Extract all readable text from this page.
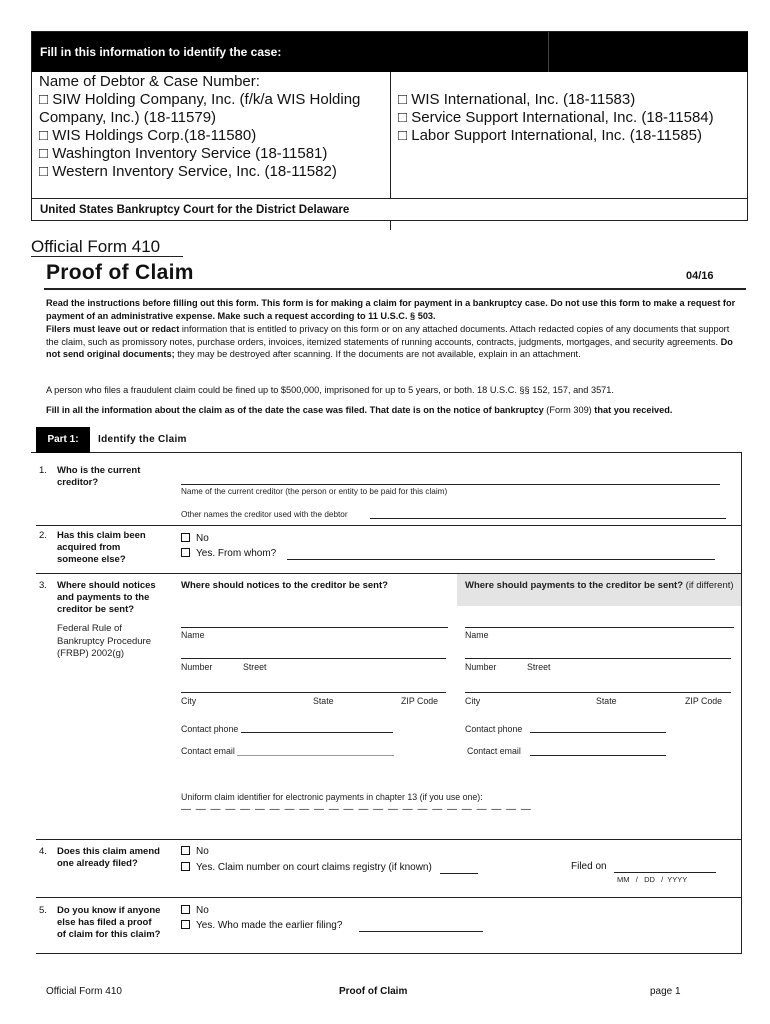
Fill in this information to identify the case:
Name of Debtor & Case Number:
□ SIW Holding Company, Inc. (f/k/a WIS Holding
Company, Inc.) (18-11579)
□ WIS Holdings Corp.(18-11580)
□ Washington Inventory Service (18-11581)
□ Western Inventory Service, Inc. (18-11582)
□ WIS International, Inc. (18-11583)
□ Service Support International, Inc. (18-11584)
□ Labor Support International, Inc. (18-11585)
United States Bankruptcy Court for the District Delaware
Official Form 410
Proof of Claim	04/16
Read the instructions before filling out this form. This form is for making a claim for payment in a bankruptcy case. Do not use this form to make a request for payment of an administrative expense. Make such a request according to 11 U.S.C. § 503.
Filers must leave out or redact information that is entitled to privacy on this form or on any attached documents. Attach redacted copies of any documents that support the claim, such as promissory notes, purchase orders, invoices, itemized statements of running accounts, contracts, judgments, mortgages, and security agreements. Do not send original documents; they may be destroyed after scanning. If the documents are not available, explain in an attachment.
A person who files a fraudulent claim could be fined up to $500,000, imprisoned for up to 5 years, or both. 18 U.S.C. §§ 152, 157, and 3571.
Fill in all the information about the claim as of the date the case was filed. That date is on the notice of bankruptcy (Form 309) that you received.
Part 1:	Identify the Claim
1. Who is the current
creditor?
Name of the current creditor (the person or entity to be paid for this claim)
Other names the creditor used with the debtor
2. Has this claim been
acquired from
someone else?
No
Yes. From whom?
3. Where should notices
and payments to the
creditor be sent?
Federal Rule of
Bankruptcy Procedure
(FRBP) 2002(g)
Where should notices to the creditor be sent?	Where should payments to the creditor be sent? (if different)
Name
Number	Street
City	State	ZIP Code
Contact phone
Contact email
Name
Number	Street
City	State	ZIP Code
Contact phone
Contact email
Uniform claim identifier for electronic payments in chapter 13 (if you use one):
— — — — — — — — — — — — — — — — — — — — — — — —
4. Does this claim amend
one already filed?
No
Yes. Claim number on court claims registry (if known)	Filed on
MM   /   DD   /  YYYY
5. Do you know if anyone
else has filed a proof
of claim for this claim?
No
Yes. Who made the earlier filing?
Official Form 410	Proof of Claim	page 1
